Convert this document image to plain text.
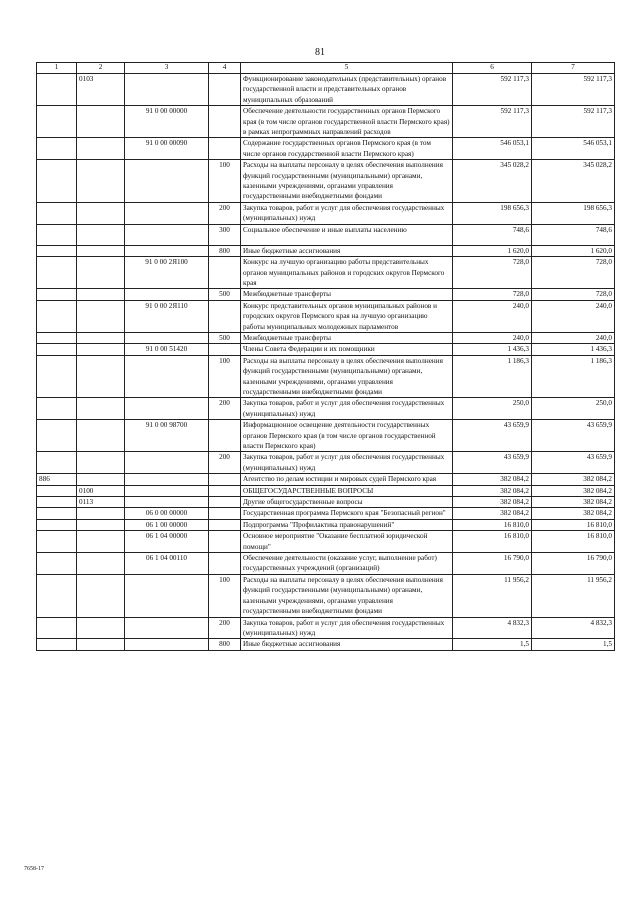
81
1	2	3	4	5	6	7
	0103			Функционирование законодательных (представительных) органов государственной власти и представительных органов муниципальных образований	592 117,3	592 117,3
		91 0 00 00000		Обеспечение деятельности государственных органов Пермского края (в том числе органов государственной власти Пермского края) в рамках непрограммных направлений расходов	592 117,3	592 117,3
		91 0 00 00090		Содержание государственных органов Пермского края (в том числе органов государственной власти Пермского края)	546 053,1	546 053,1
			100	Расходы на выплаты персоналу в целях обеспечения выполнения функций государственными (муниципальными) органами, казенными учреждениями, органами управления государственными внебюджетными фондами	345 028,2	345 028,2
			200	Закупка товаров, работ и услуг для обеспечения государственных (муниципальных) нужд	198 656,3	198 656,3
			300	Социальное обеспечение и иные выплаты населению	748,6	748,6
			800	Иные бюджетные ассигнования	1 620,0	1 620,0
		91 0 00 2Я100		Конкурс на лучшую организацию работы представительных органов муниципальных районов и городских округов Пермского края	728,0	728,0
			500	Межбюджетные трансферты	728,0	728,0
		91 0 00 2Я110		Конкурс представительных органов муниципальных районов и городских округов Пермского края на лучшую организацию работы муниципальных молодежных парламентов	240,0	240,0
			500	Межбюджетные трансферты	240,0	240,0
		91 0 00 51420		Члены Совета Федерации и их помощники	1 436,3	1 436,3
			100	Расходы на выплаты персоналу в целях обеспечения выполнения функций государственными (муниципальными) органами, казенными учреждениями, органами управления государственными внебюджетными фондами	1 186,3	1 186,3
			200	Закупка товаров, работ и услуг для обеспечения государственных (муниципальных) нужд	250,0	250,0
		91 0 00 98700		Информационное освещение деятельности государственных органов Пермского края (в том числе органов государственной власти Пермского края)	43 659,9	43 659,9
			200	Закупка товаров, работ и услуг для обеспечения государственных (муниципальных) нужд	43 659,9	43 659,9
886				Агентство по делам юстиции и мировых судей Пермского края	382 084,2	382 084,2
	0100			ОБЩЕГОСУДАРСТВЕННЫЕ ВОПРОСЫ	382 084,2	382 084,2
	0113			Другие общегосударственные вопросы	382 084,2	382 084,2
		06 0 00 00000		Государственная программа Пермского края "Безопасный регион"	382 084,2	382 084,2
		06 1 00 00000		Подпрограмма "Профилактика правонарушений"	16 810,0	16 810,0
		06 1 04 00000		Основное мероприятие "Оказание бесплатной юридической помощи"	16 810,0	16 810,0
		06 1 04 00110		Обеспечение деятельности (оказание услуг, выполнение работ) государственных учреждений (организаций)	16 790,0	16 790,0
			100	Расходы на выплаты персоналу в целях обеспечения выполнения функций государственными (муниципальными) органами, казенными учреждениями, органами управления государственными внебюджетными фондами	11 956,2	11 956,2
			200	Закупка товаров, работ и услуг для обеспечения государственных (муниципальных) нужд	4 832,3	4 832,3
			800	Иные бюджетные ассигнования	1,5	1,5
7658-17
